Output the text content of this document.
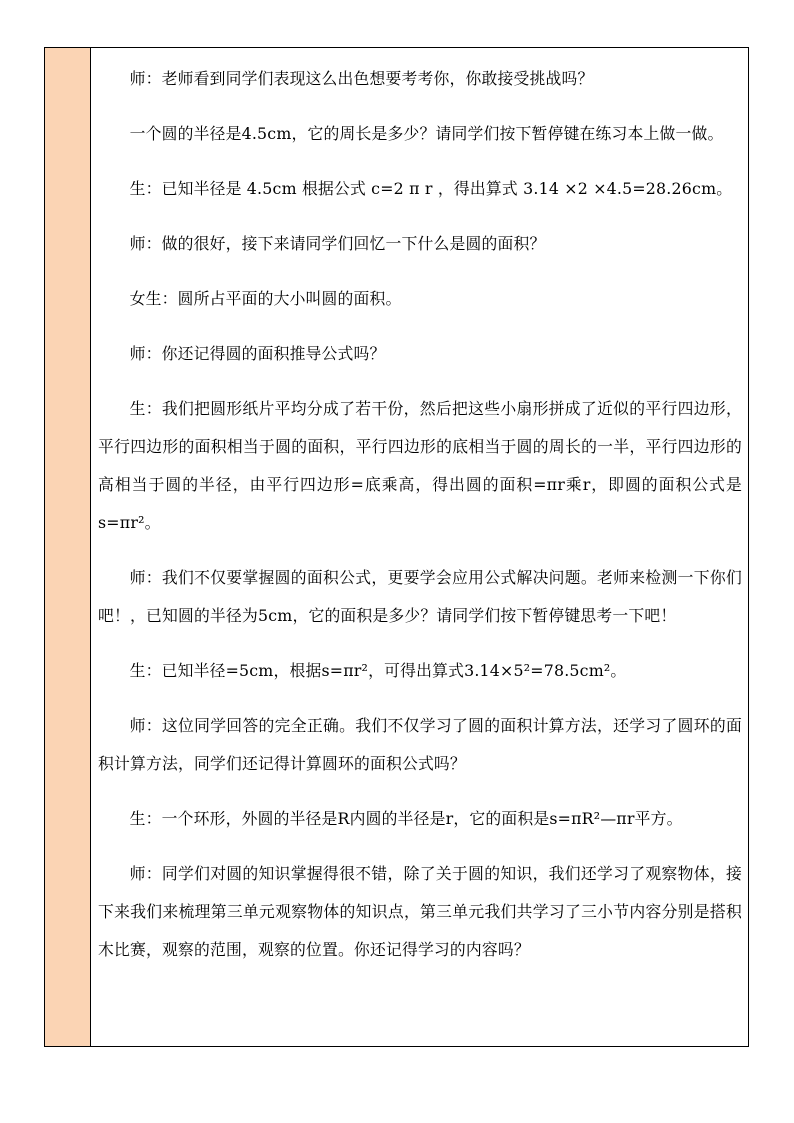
师：老师看到同学们表现这么出色想要考考你，你敢接受挑战吗？

一个圆的半径是4.5cm，它的周长是多少？请同学们按下暂停键在练习本上做一做。

生：已知半径是 4.5cm 根据公式 c=2 π r ，得出算式 3.14 ×2 ×4.5=28.26cm。

师：做的很好，接下来请同学们回忆一下什么是圆的面积？

女生：圆所占平面的大小叫圆的面积。

师：你还记得圆的面积推导公式吗？

生：我们把圆形纸片平均分成了若干份，然后把这些小扇形拼成了近似的平行四边形，平行四边形的面积相当于圆的面积，平行四边形的底相当于圆的周长的一半，平行四边形的高相当于圆的半径，由平行四边形=底乘高，得出圆的面积=πr乘r，即圆的面积公式是s=πr²。

师：我们不仅要掌握圆的面积公式，更要学会应用公式解决问题。老师来检测一下你们吧！，已知圆的半径为5cm，它的面积是多少？请同学们按下暂停键思考一下吧！

生：已知半径=5cm，根据s=πr²，可得出算式3.14×5²=78.5cm²。

师：这位同学回答的完全正确。我们不仅学习了圆的面积计算方法，还学习了圆环的面积计算方法，同学们还记得计算圆环的面积公式吗？

生：一个环形，外圆的半径是R内圆的半径是r，它的面积是s=πR²—πr平方。

师：同学们对圆的知识掌握得很不错，除了关于圆的知识，我们还学习了观察物体，接下来我们来梳理第三单元观察物体的知识点，第三单元我们共学习了三小节内容分别是搭积木比赛，观察的范围，观察的位置。你还记得学习的内容吗？
